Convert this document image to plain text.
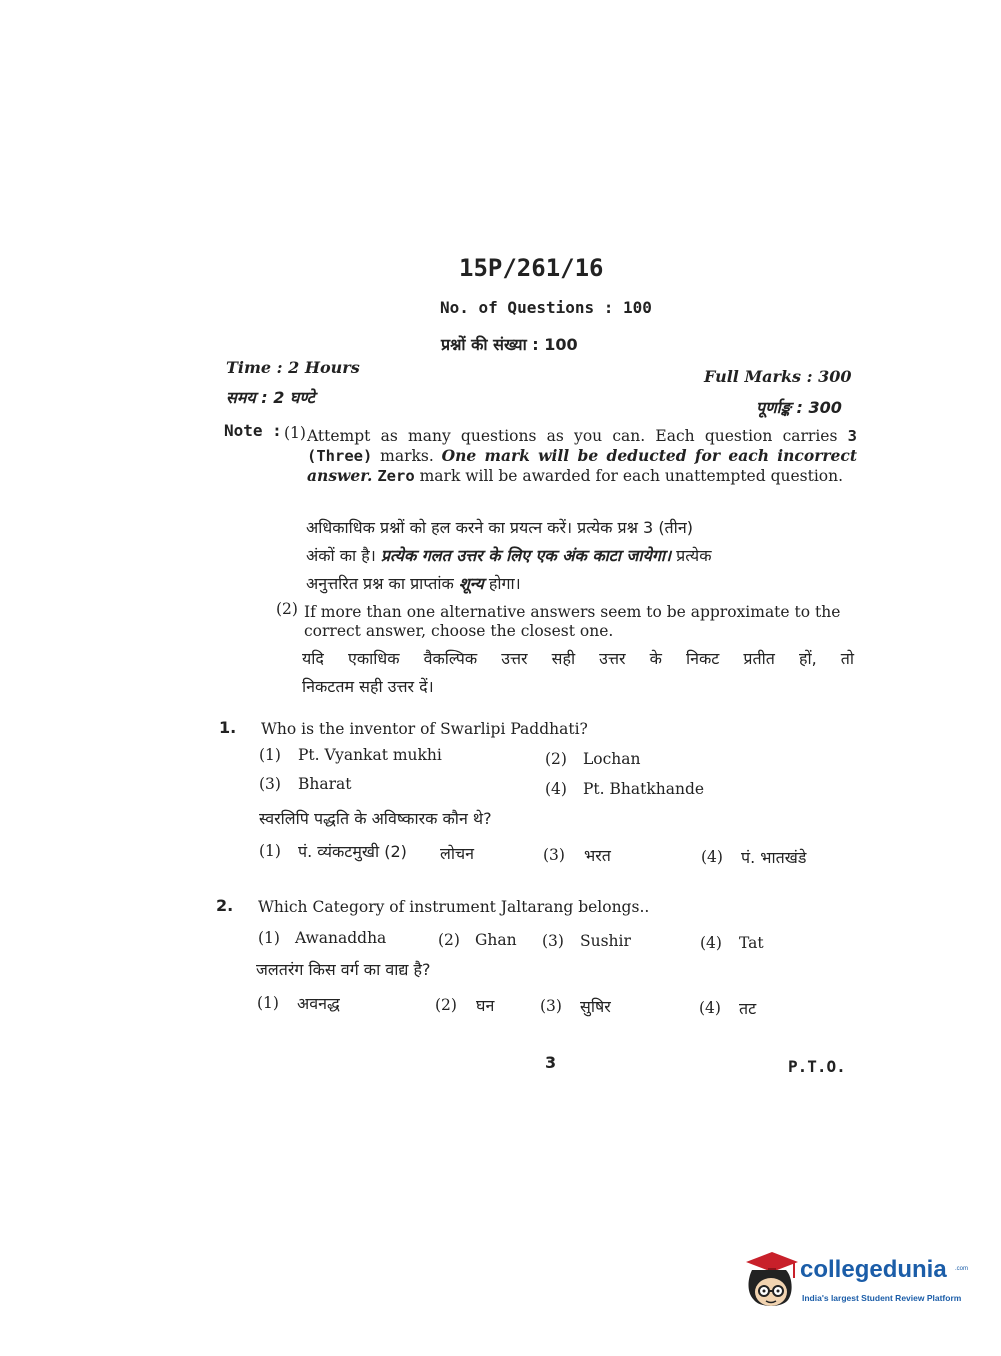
15P/261/16
No. of Questions : 100
प्रश्नों की संख्या : 100
Time : 2 Hours
समय : 2 घण्टे
Full Marks : 300
पूर्णाङ्क : 300
Note : (1) Attempt as many questions as you can. Each question carries 3 (Three) marks. One mark will be deducted for each incorrect answer. Zero mark will be awarded for each unattempted question.
अधिकाधिक प्रश्नों को हल करने का प्रयत्न करें। प्रत्येक प्रश्न 3 (तीन)
अंकों का है। प्रत्येक गलत उत्तर के लिए एक अंक काटा जायेगा। प्रत्येक
अनुत्तरित प्रश्न का प्राप्तांक शून्य होगा।
(2) If more than one alternative answers seem to be approximate to the correct answer, choose the closest one.
यदि एकाधिक वैकल्पिक उत्तर सही उत्तर के निकट प्रतीत हों, तो
निकटतम सही उत्तर दें।
1. Who is the inventor of Swarlipi Paddhati?
(1) Pt. Vyankat mukhi	(2) Lochan
(3) Bharat	(4) Pt. Bhatkhande
स्वरलिपि पद्धति के अविष्कारक कौन थे?
(1) पं. व्यंकटमुखी (2) लोचन	(3) भरत	(4) पं. भातखंडे
2. Which Category of instrument Jaltarang belongs..
(1) Awanaddha	(2) Ghan (3) Sushir	(4) Tat
जलतरंग किस वर्ग का वाद्य है?
(1) अवनद्ध	(2) घन	(3) सुषिर	(4) तट
3	P.T.O.
collegedunia .com
India's largest Student Review Platform
